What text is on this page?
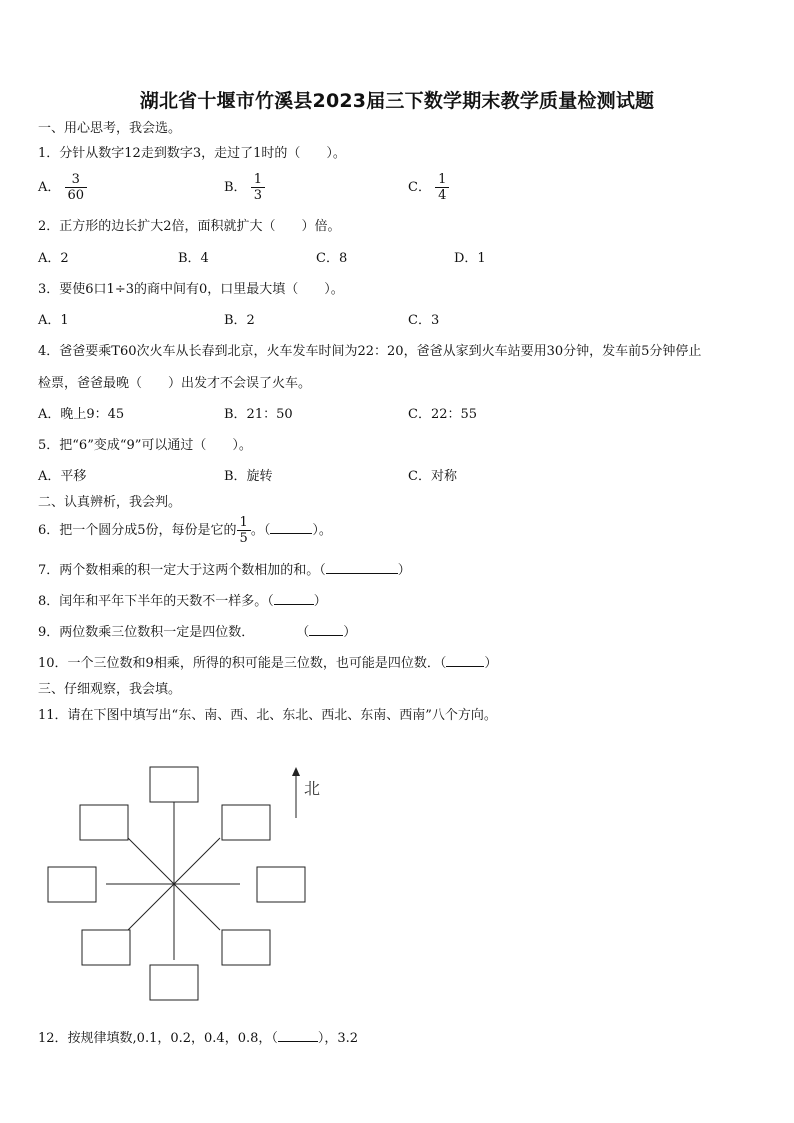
湖北省十堰市竹溪县2023届三下数学期末教学质量检测试题
一、用心思考，我会选。
1．分针从数字12走到数字3，走过了1时的（　　）。
A． $\frac{3}{60}$	B． $\frac{1}{3}$	C． $\frac{1}{4}$
2．正方形的边长扩大2倍，面积就扩大（　　）倍。
A．2	B．4	C．8	D．1
3．要使6口1÷3的商中间有0，口里最大填（　　）。
A．1	B．2	C．3
4．爸爸要乘T60次火车从长春到北京，火车发车时间为22：20，爸爸从家到火车站要用30分钟，发车前5分钟停止
检票，爸爸最晚（　　）出发才不会误了火车。
A．晚上9：45	B．21：50	C．22：55
5．把“6”变成“9”可以通过（　　）。
A．平移	B．旋转	C．对称
二、认真辨析，我会判。
6．把一个圆分成5份，每份是它的 $\frac{1}{5}$ 。（	）。
7．两个数相乘的积一定大于这两个数相加的和。（	）
8．闰年和平年下半年的天数不一样多。（	）
9．两位数乘三位数积一定是四位数．	（	）
10．一个三位数和9相乘，所得的积可能是三位数，也可能是四位数．（	）
三、仔细观察，我会填。
11．请在下图中填写出“东、南、西、北、东北、西北、东南、西南”八个方向。
北
12．按规律填数,0.1，0.2，0.4，0.8，（	），3.2
